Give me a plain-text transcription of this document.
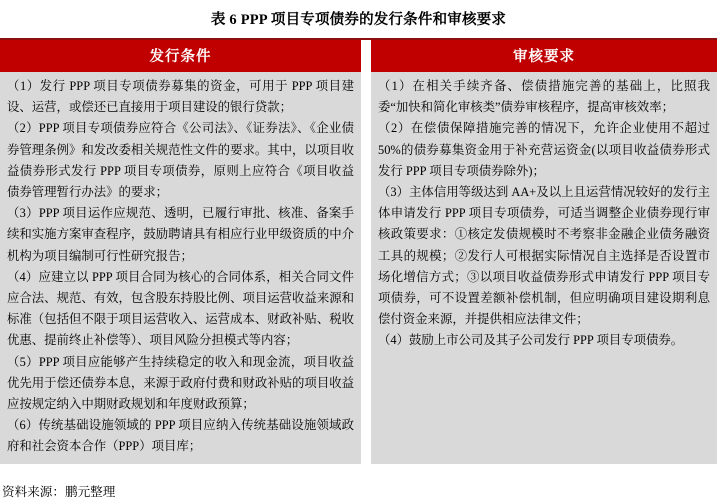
表 6 PPP 项目专项债券的发行条件和审核要求
发行条件	审核要求

（1）发行 PPP 项目专项债券募集的资金，可用于 PPP 项目建设、运营，或偿还已直接用于项目建设的银行贷款；

（2）PPP 项目专项债券应符合《公司法》、《证券法》、《企业债券管理条例》和发改委相关规范性文件的要求。其中，以项目收益债券形式发行 PPP 项目专项债券，原则上应符合《项目收益债券管理暂行办法》的要求；

（3）PPP 项目运作应规范、透明，已履行审批、核准、备案手续和实施方案审查程序，鼓励聘请具有相应行业甲级资质的中介机构为项目编制可行性研究报告；

（4）应建立以 PPP 项目合同为核心的合同体系，相关合同文件应合法、规范、有效，包含股东持股比例、项目运营收益来源和标准（包括但不限于项目运营收入、运营成本、财政补贴、税收优惠、提前终止补偿等）、项目风险分担模式等内容；

（5）PPP 项目应能够产生持续稳定的收入和现金流，项目收益优先用于偿还债券本息，来源于政府付费和财政补贴的项目收益应按规定纳入中期财政规划和年度财政预算；

（6）传统基础设施领域的 PPP 项目应纳入传统基础设施领域政府和社会资本合作（PPP）项目库；

（1）在相关手续齐备、偿债措施完善的基础上，比照我委“加快和简化审核类”债券审核程序，提高审核效率；

（2）在偿债保障措施完善的情况下，允许企业使用不超过 50%的债券募集资金用于补充营运资金(以项目收益债券形式发行 PPP 项目专项债券除外)；

（3）主体信用等级达到 AA+及以上且运营情况较好的发行主体申请发行 PPP 项目专项债券，可适当调整企业债券现行审核政策要求：①核定发债规模时不考察非金融企业债务融资工具的规模；②发行人可根据实际情况自主选择是否设置市场化增信方式；③以项目收益债券形式申请发行 PPP 项目专项债券，可不设置差额补偿机制，但应明确项目建设期利息偿付资金来源，并提供相应法律文件；

（4）鼓励上市公司及其子公司发行 PPP 项目专项债券。

资料来源：鹏元整理
